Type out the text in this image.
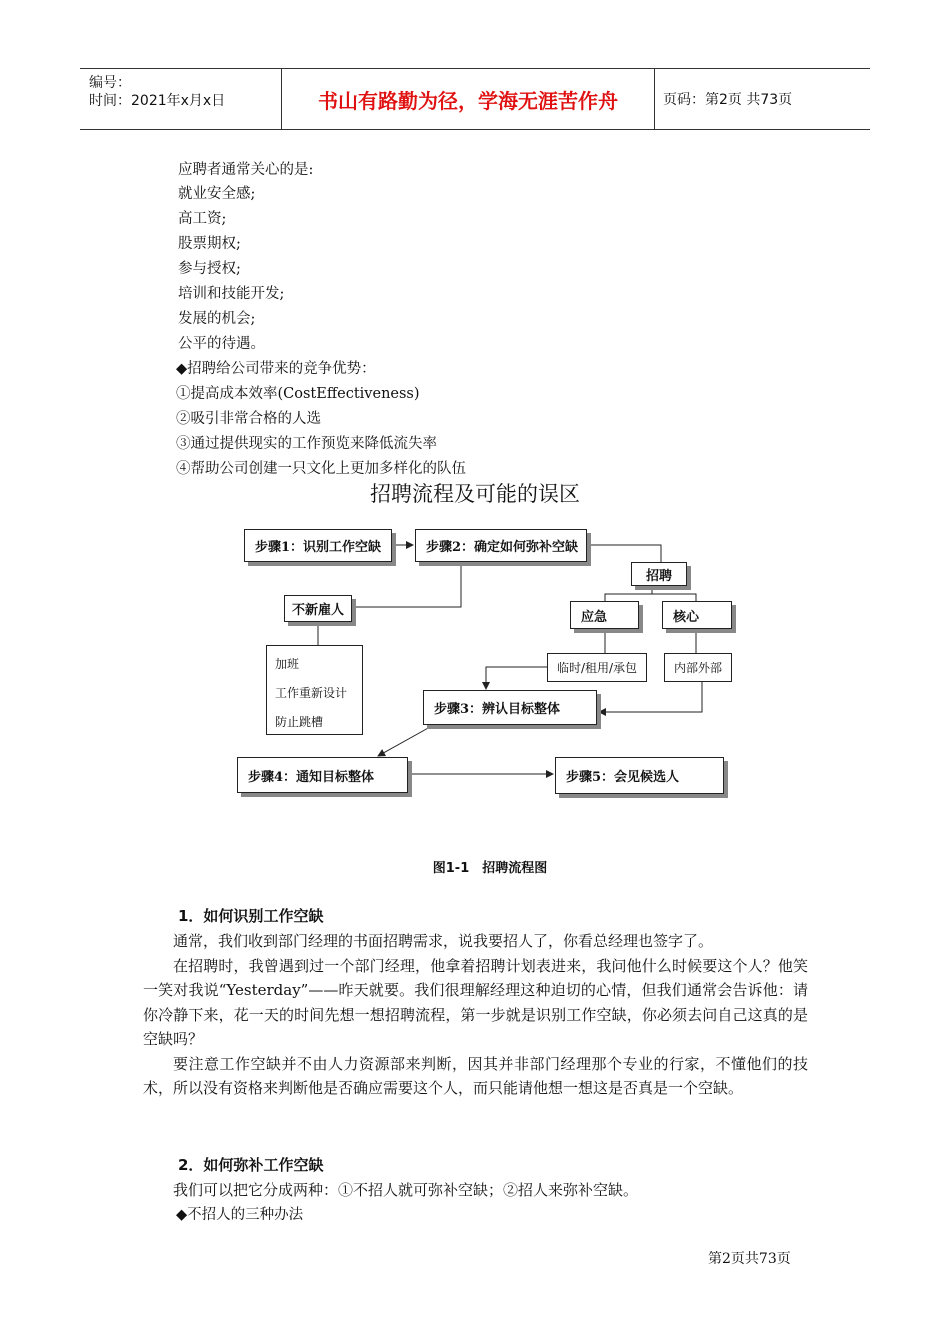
编号：
时间：2021年x月x日	书山有路勤为径，学海无涯苦作舟	页码：第2页 共73页
应聘者通常关心的是:
就业安全感;
高工资;
股票期权;
参与授权;
培训和技能开发;
发展的机会;
公平的待遇。
◆招聘给公司带来的竞争优势：
①提高成本效率(CostEffectiveness)
②吸引非常合格的人选
③通过提供现实的工作预览来降低流失率
④帮助公司创建一只文化上更加多样化的队伍
招聘流程及可能的误区
步骤1：识别工作空缺	步骤2：确定如何弥补空缺
招聘
不新雇人	应急	核心
加班
工作重新设计
防止跳槽
临时/租用/承包	内部外部
步骤3：辨认目标整体
步骤4：通知目标整体	步骤5：会见候选人
图1-1　招聘流程图
1．如何识别工作空缺

通常，我们收到部门经理的书面招聘需求，说我要招人了，你看总经理也签字了。

在招聘时，我曾遇到过一个部门经理，他拿着招聘计划表进来，我问他什么时候要这个人？他笑一笑对我说“Yesterday”——昨天就要。我们很理解经理这种迫切的心情，但我们通常会告诉他：请你冷静下来，花一天的时间先想一想招聘流程，第一步就是识别工作空缺，你必须去问自己这真的是空缺吗？

要注意工作空缺并不由人力资源部来判断，因其并非部门经理那个专业的行家，不懂他们的技术，所以没有资格来判断他是否确应需要这个人，而只能请他想一想这是否真是一个空缺。

2．如何弥补工作空缺

我们可以把它分成两种：①不招人就可弥补空缺；②招人来弥补空缺。

◆不招人的三种办法
第2页共73页
